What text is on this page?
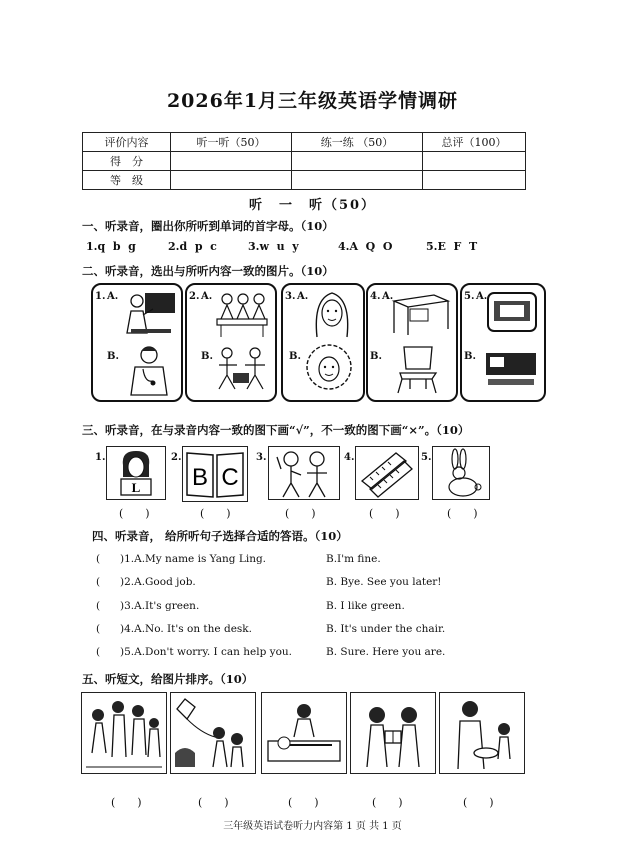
2026年1月三年级英语学情调研
评价内容	听一听（50）	练一练 （50）	总评（100）
得　分			
等　级			
听　一　听（50）
一、听录音，圈出你所听到单词的首字母。（10）
1.q  b  g	2.d  p  c	3.w  u  y	4.A  Q  O	5.E  F  T
二、听录音，选出与所听内容一致的图片。（10）
1. A.
B.
2. A.
B.
3. A.
B.
4. A.
B.
5. A.
B.
三、听录音，在与录音内容一致的图下画“√”，不一致的图下画“×”。（10）
1.
L
(　　)
2.
B C
(　　)
3.
(　　)
4.
(　　)
5.
(　　)
四、听录音， 给所听句子选择合适的答语。（10）
( )1.A.My name is Yang Ling.	B.I'm fine.
( )2.A.Good job.	B. Bye. See you later!
( )3.A.It's green.	B. I like green.
( )4.A.No. It's on the desk.	B. It's under the chair.
( )5.A.Don't worry. I can help you.	B. Sure. Here you are.
五、听短文，给图片排序。（10）
(　　)	(　　)	(　　)	(　　)	(　　)
三年级英语试卷听力内容第 1 页 共 1 页
